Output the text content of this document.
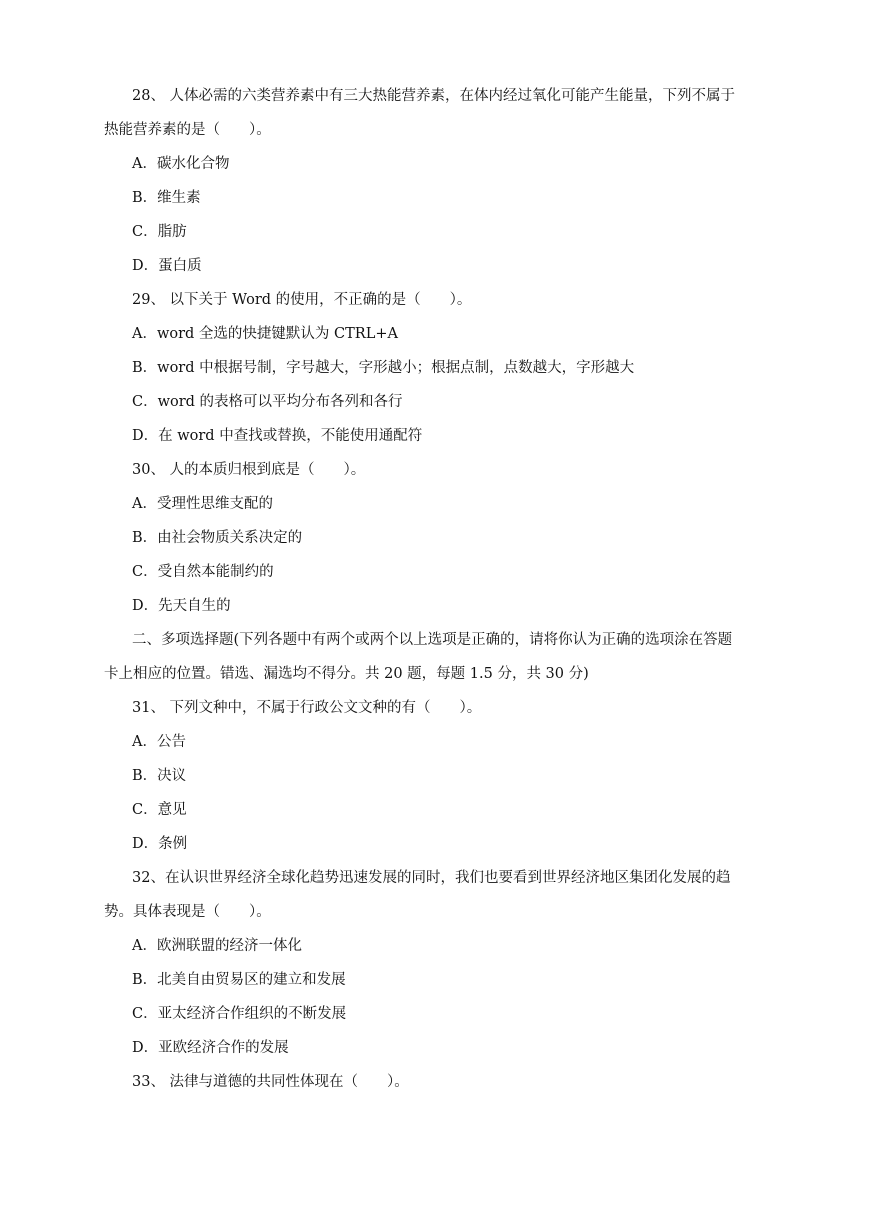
28、 人体必需的六类营养素中有三大热能营养素，在体内经过氧化可能产生能量，下列不属于

热能营养素的是（　　）。

A．碳水化合物

B．维生素

C．脂肪

D．蛋白质

29、 以下关于 Word 的使用，不正确的是（　　）。

A．word 全选的快捷键默认为 CTRL+A

B．word 中根据号制，字号越大，字形越小；根据点制，点数越大，字形越大

C．word 的表格可以平均分布各列和各行

D．在 word 中查找或替换，不能使用通配符

30、 人的本质归根到底是（　　）。

A．受理性思维支配的

B．由社会物质关系决定的

C．受自然本能制约的

D．先天自生的

二、多项选择题(下列各题中有两个或两个以上选项是正确的，请将你认为正确的选项涂在答题

卡上相应的位置。错选、漏选均不得分。共 20 题，每题 1.5 分，共 30 分)

31、 下列文种中，不属于行政公文文种的有（　　）。

A．公告

B．决议

C．意见

D．条例

32、在认识世界经济全球化趋势迅速发展的同时，我们也要看到世界经济地区集团化发展的趋

势。具体表现是（　　）。

A．欧洲联盟的经济一体化

B．北美自由贸易区的建立和发展

C．亚太经济合作组织的不断发展

D．亚欧经济合作的发展

33、 法律与道德的共同性体现在（　　）。
